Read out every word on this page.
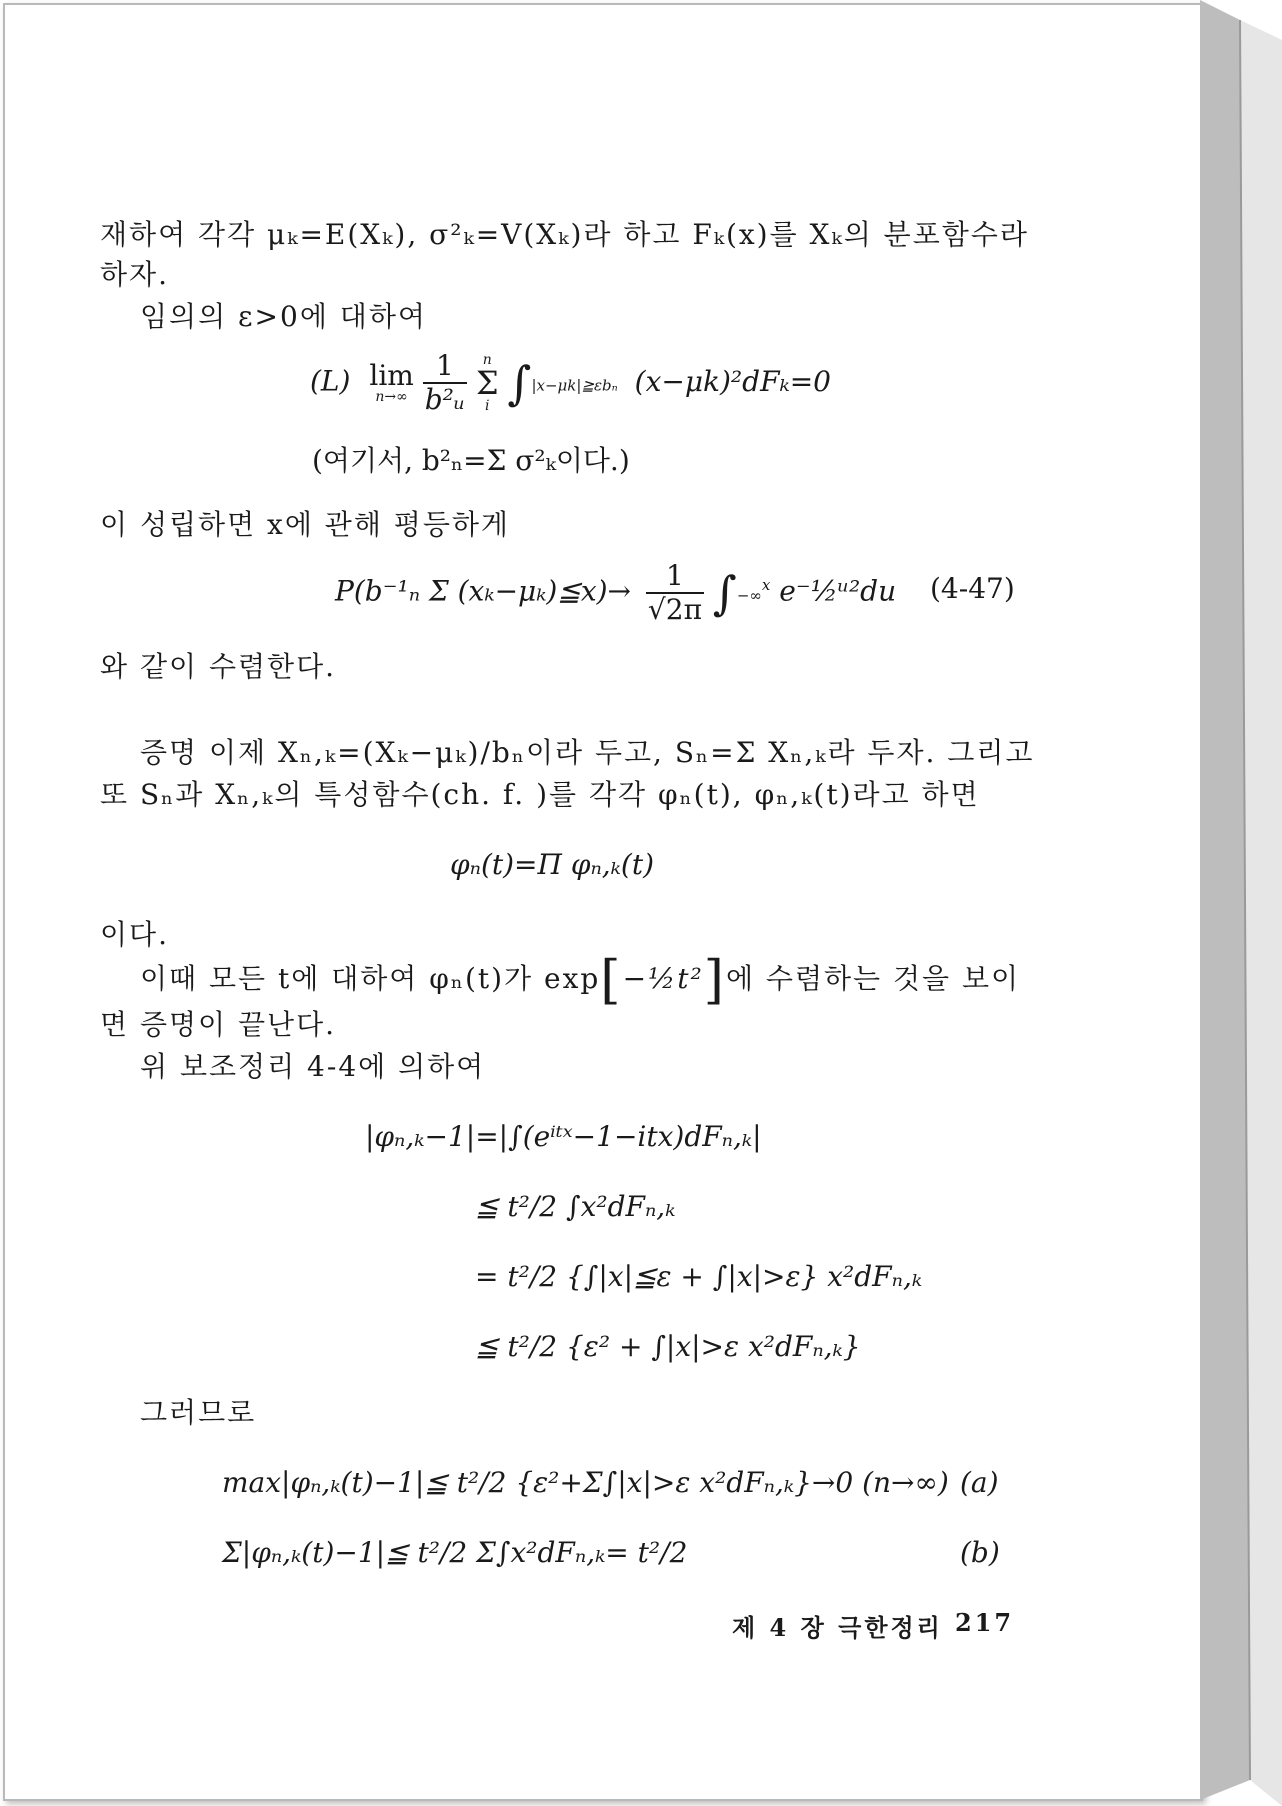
재하여 각각 μₖ=E(Xₖ), σ²ₖ=V(Xₖ)라 하고 Fₖ(x)를 Xₖ의 분포함수라
하자.
임의의 ε>0에 대하여
(L) lim
n→∞
$\frac{1}{\text{b²ᵤ}}$
	n
Σ
i ∫|x−μk|≧εbₙ (x−μk)²dFₖ=0
(여기서, b²ₙ=Σ σ²ₖ이다.)
이 성립하면 x에 관해 평등하게
P(b⁻¹ₙ Σ (xₖ−μₖ)≦x)→ $\frac{1}{√2\pi} \int-\infty^x$ e⁻½ᵘ²du (4-47)
와 같이 수렴한다.
증명 이제 Xₙ,ₖ=(Xₖ−μₖ)/bₙ이라 두고, Sₙ=Σ Xₙ,ₖ라 두자. 그리고
또 Sₙ과 Xₙ,ₖ의 특성함수(ch. f. )를 각각 φₙ(t), φₙ,ₖ(t)라고 하면
φₙ(t)=Π φₙ,ₖ(t)
이다.
이때 모든 t에 대하여 φₙ(t)가 exp[−½t²]에 수렴하는 것을 보이
면 증명이 끝난다.
위 보조정리 4-4에 의하여
|φₙ,ₖ−1|=|∫(eⁱᵗˣ−1−itx)dFₙ,ₖ|
≦ t²/2 ∫x²dFₙ,ₖ
= t²/2 {∫|x|≦ε + ∫|x|>ε} x²dFₙ,ₖ
≦ t²/2 {ε² + ∫|x|>ε x²dFₙ,ₖ}
그러므로
max|φₙ,ₖ(t)−1|≦ t²/2 {ε²+Σ∫|x|>ε x²dFₙ,ₖ}→0 (n→∞) (a)
Σ|φₙ,ₖ(t)−1|≦ t²/2 Σ∫x²dFₙ,ₖ= t²/2	(b)
제 4 장 극한정리 217
